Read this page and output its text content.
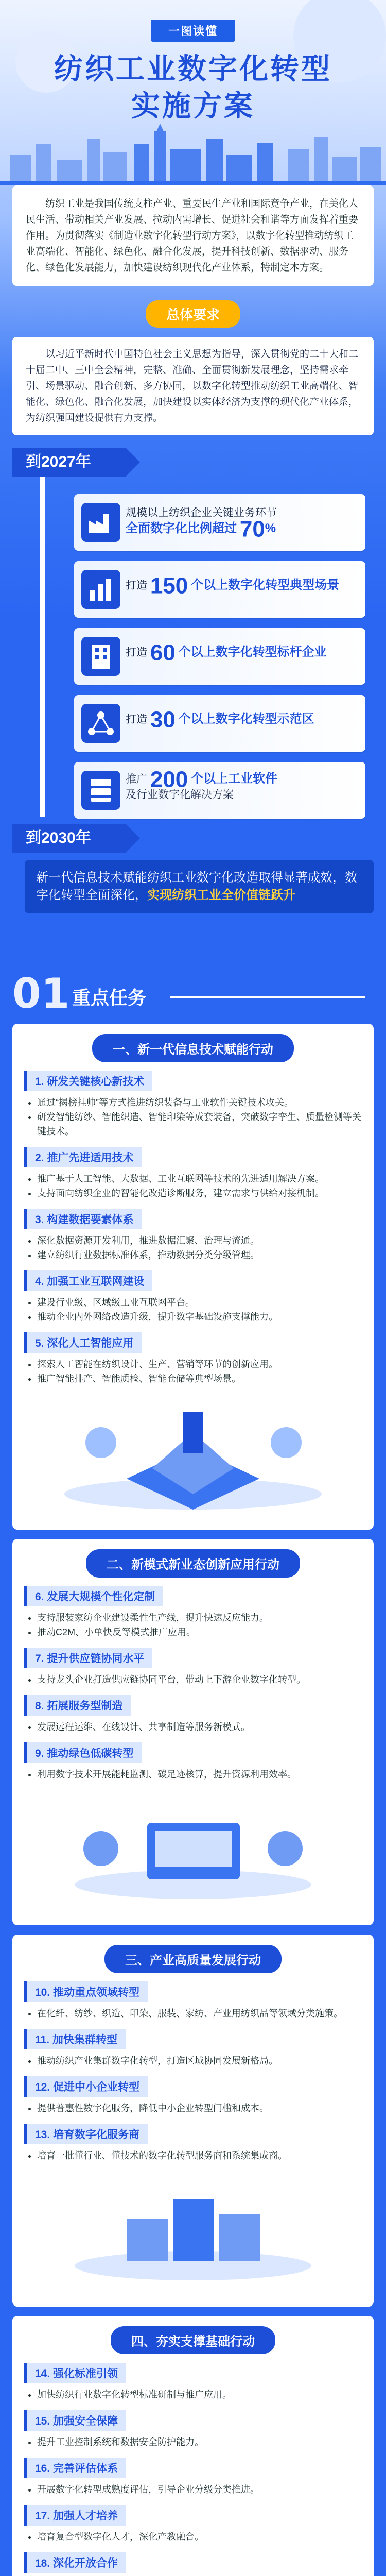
一图读懂
纺织工业数字化转型
实施方案
纺织工业是我国传统支柱产业、重要民生产业和国际竞争产业，在美化人民生活、带动相关产业发展、拉动内需增长、促进社会和谐等方面发挥着重要作用。为贯彻落实《制造业数字化转型行动方案》，以数字化转型推动纺织工业高端化、智能化、绿色化、融合化发展，提升科技创新、数据驱动、服务化、绿色化发展能力，加快建设纺织现代化产业体系，特制定本方案。
总体要求
以习近平新时代中国特色社会主义思想为指导，深入贯彻党的二十大和二十届二中、三中全会精神，完整、准确、全面贯彻新发展理念，坚持需求牵引、场景驱动、融合创新、多方协同，以数字化转型推动纺织工业高端化、智能化、绿色化、融合化发展，加快建设以实体经济为支撑的现代化产业体系，为纺织强国建设提供有力支撑。
到2027年
规模以上纺织企业关键业务环节
全面数字化比例超过 70%
打造 150 个以上数字化转型典型场景
打造 60 个以上数字化转型标杆企业
打造 30 个以上数字化转型示范区
推广 200 个以上工业软件
及行业数字化解决方案
到2030年
新一代信息技术赋能纺织工业数字化改造取得显著成效，数字化转型全面深化，实现纺织工业全价值链跃升
01 重点任务
一、新一代信息技术赋能行动
1. 研发关键核心新技术
• 通过“揭榜挂帅”等方式推进纺织装备与工业软件关键技术攻关。
• 研发智能纺纱、智能织造、智能印染等成套装备，突破数字孪生、质量检测等关键技术。
2. 推广先进适用技术
• 推广基于人工智能、大数据、工业互联网等技术的先进适用解决方案。
• 支持面向纺织企业的智能化改造诊断服务，建立需求与供给对接机制。
3. 构建数据要素体系
• 深化数据资源开发利用，推进数据汇聚、治理与流通。
• 建立纺织行业数据标准体系，推动数据分类分级管理。
4. 加强工业互联网建设
• 建设行业级、区域级工业互联网平台。
• 推动企业内外网络改造升级，提升数字基础设施支撑能力。
5. 深化人工智能应用
• 探索人工智能在纺织设计、生产、营销等环节的创新应用。
• 推广智能排产、智能质检、智能仓储等典型场景。
二、新模式新业态创新应用行动
6. 发展大规模个性化定制
• 支持服装家纺企业建设柔性生产线，提升快速反应能力。
• 推动C2M、小单快反等模式推广应用。
7. 提升供应链协同水平
• 支持龙头企业打造供应链协同平台，带动上下游企业数字化转型。
8. 拓展服务型制造
• 发展远程运维、在线设计、共享制造等服务新模式。
9. 推动绿色低碳转型
• 利用数字技术开展能耗监测、碳足迹核算，提升资源利用效率。
三、产业高质量发展行动
10. 推动重点领域转型
• 在化纤、纺纱、织造、印染、服装、家纺、产业用纺织品等领域分类施策。
11. 加快集群转型
• 推动纺织产业集群数字化转型，打造区域协同发展新格局。
12. 促进中小企业转型
• 提供普惠性数字化服务，降低中小企业转型门槛和成本。
13. 培育数字化服务商
• 培育一批懂行业、懂技术的数字化转型服务商和系统集成商。
四、夯实支撑基础行动
14. 强化标准引领
• 加快纺织行业数字化转型标准研制与推广应用。
15. 加强安全保障
• 提升工业控制系统和数据安全防护能力。
16. 完善评估体系
• 开展数字化转型成熟度评估，引导企业分级分类推进。
17. 加强人才培养
• 培育复合型数字化人才，深化产教融合。
18. 深化开放合作
